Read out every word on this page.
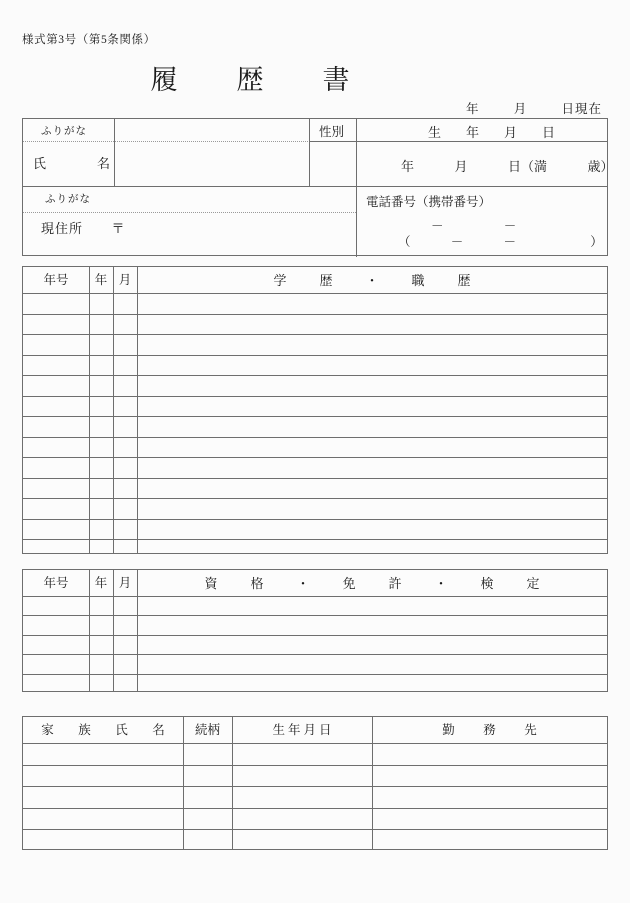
様式第3号（第5条関係）
履　歴　書
年	月	日現在
ふりがな
氏　　　名
性別	生　年　月　日
年	月	日（満	歳）
ふりがな
現住所 〒
電話番号（携帯番号）
－	－
（	－	－	）
年号	年 月	学　歴　・　職　歴
年号	年 月	資　格　・　免　許　・　検　定
家　族　氏　名	続柄	生年月日	勤　務　先
